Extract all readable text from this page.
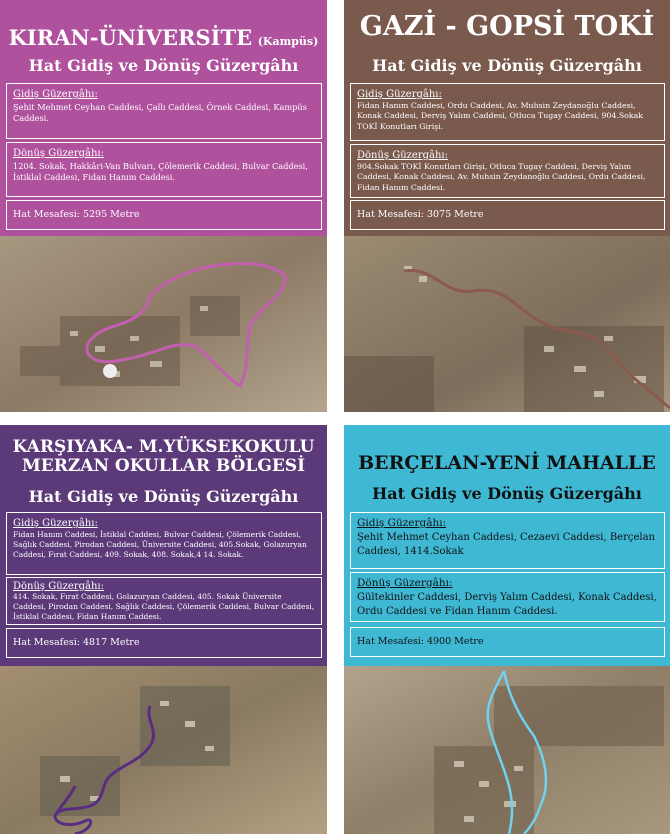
KIRAN-ÜNİVERSİTE (Kampüs)
Hat Gidiş ve Dönüş Güzergâhı
Gidiş Güzergâhı:
Şehit Mehmet Ceyhan Caddesi, Çallı Caddesi, Örnek Caddesi, Kampüs Caddesi.
Dönüş Güzergâhı:
1204. Sokak, Hakkâri-Van Bulvarı, Çölemerik Caddesi, Bulvar Caddesi, İstiklal Caddesi, Fidan Hanım Caddesi.
Hat Mesafesi: 5295 Metre
GAZİ - GOPSİ TOKİ
Hat Gidiş ve Dönüş Güzergâhı
Gidiş Güzergâhı:
Fidan Hanım Caddesi, Ordu Caddesi, Av. Muhsin Zeydanoğlu Caddesi, Konak Caddesi, Derviş Yalım Caddesi, Otluca Tugay Caddesi, 904.Sokak TOKİ Konutları Girişi.
Dönüş Güzergâhı:
904.Sokak TOKİ Konutları Girişi, Otluca Tugay Caddesi, Derviş Yalım Caddesi, Konak Caddesi, Av. Muhsin Zeydanoğlu Caddesi, Ordu Caddesi, Fidan Hanım Caddesi.
Hat Mesafesi: 3075 Metre
KARŞIYAKA- M.YÜKSEKOKULU
MERZAN OKULLAR BÖLGESİ
Hat Gidiş ve Dönüş Güzergâhı
Gidiş Güzergâhı:
Fidan Hanım Caddesi, İstiklal Caddesi, Bulvar Caddesi, Çölemerik Caddesi, Sağlık Caddesi, Pirodan Caddesi, Üniversite Caddesi, 405.Sokak, Golazuryan Caddesi, Fırat Caddesi, 409. Sokak, 408. Sokak,4 14. Sokak.
Dönüş Güzergâhı:
414. Sokak, Fırat Caddesi, Golazuryan Caddesi, 405. Sokak Üniversite Caddesi, Pirodan Caddesi, Sağlık Caddesi, Çölemerik Caddesi, Bulvar Caddesi, İstiklal Caddesi, Fidan Hanım Caddesi.
Hat Mesafesi: 4817 Metre
BERÇELAN-YENİ MAHALLE
Hat Gidiş ve Dönüş Güzergâhı
Gidiş Güzergâhı:
Şehit Mehmet Ceyhan Caddesi, Cezaevi Caddesi, Berçelan Caddesi, 1414.Sokak
Dönüş Güzergâhı:
Gültekinler Caddesi, Derviş Yalım Caddesi, Konak Caddesi, Ordu Caddesi ve Fidan Hanım Caddesi.
Hat Mesafesi: 4900 Metre
